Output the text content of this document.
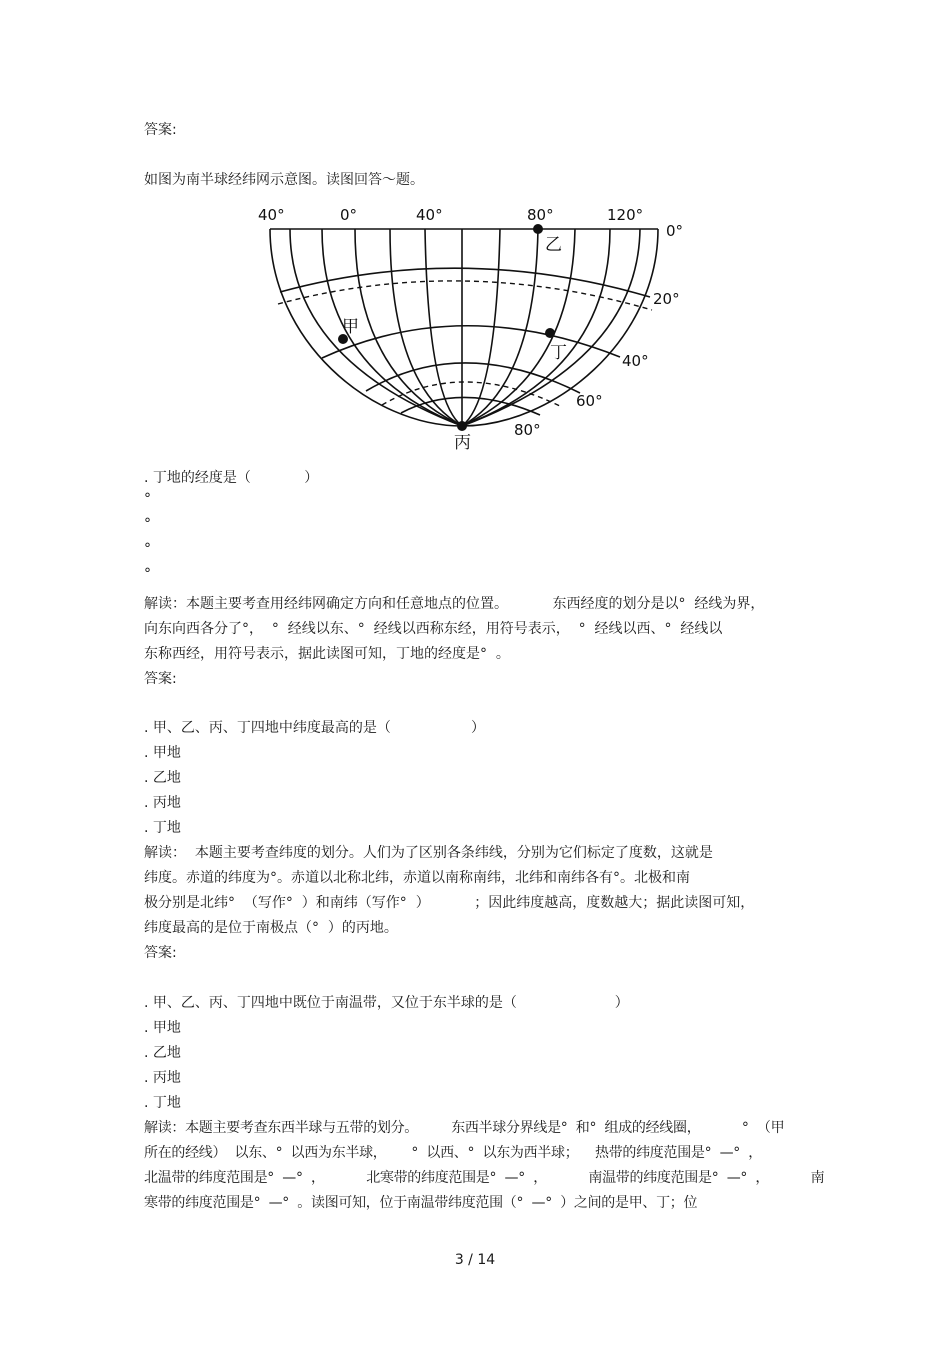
答案:
如图为南半球经纬网示意图。读图回答～题。
40°	0°	40°	80°	120°
0°
20°
40°
60°
80°
乙
甲
丁
丙
. 丁地的经度是（            ）
°
°
°
°
解读：本题主要考查用经纬网确定方向和任意地点的位置。          东西经度的划分是以°  经线为界，
向东向西各分了°，  °  经线以东、°  经线以西称东经，用符号表示，  °  经线以西、°  经线以
东称西经，用符号表示，据此读图可知，丁地的经度是°  。
答案:
. 甲、乙、丙、丁四地中纬度最高的是（                  ）
. 甲地
. 乙地
. 丙地
. 丁地
解读：  本题主要考查纬度的划分。人们为了区别各条纬线，分别为它们标定了度数，这就是
纬度。赤道的纬度为°。赤道以北称北纬，赤道以南称南纬，北纬和南纬各有°。北极和南
极分别是北纬°  （写作°  ）和南纬（写作°  ）          ；因此纬度越高，度数越大；据此读图可知，
纬度最高的是位于南极点（°  ）的丙地。
答案:
. 甲、乙、丙、丁四地中既位于南温带，又位于东半球的是（                      ）
. 甲地
. 乙地
. 丙地
. 丁地
解读：本题主要考查东西半球与五带的划分。        东西半球分界线是°  和°  组成的经线圈，          °  （甲
所在的经线）  以东、°  以西为东半球，      °  以西、°  以东为西半球；    热带的纬度范围是°  —°  ，
北温带的纬度范围是°  —°  ，          北寒带的纬度范围是°  —°  ，          南温带的纬度范围是°  —°  ，          南
寒带的纬度范围是°  —°  。读图可知，位于南温带纬度范围（°  —°  ）之间的是甲、丁；位
3 / 14
